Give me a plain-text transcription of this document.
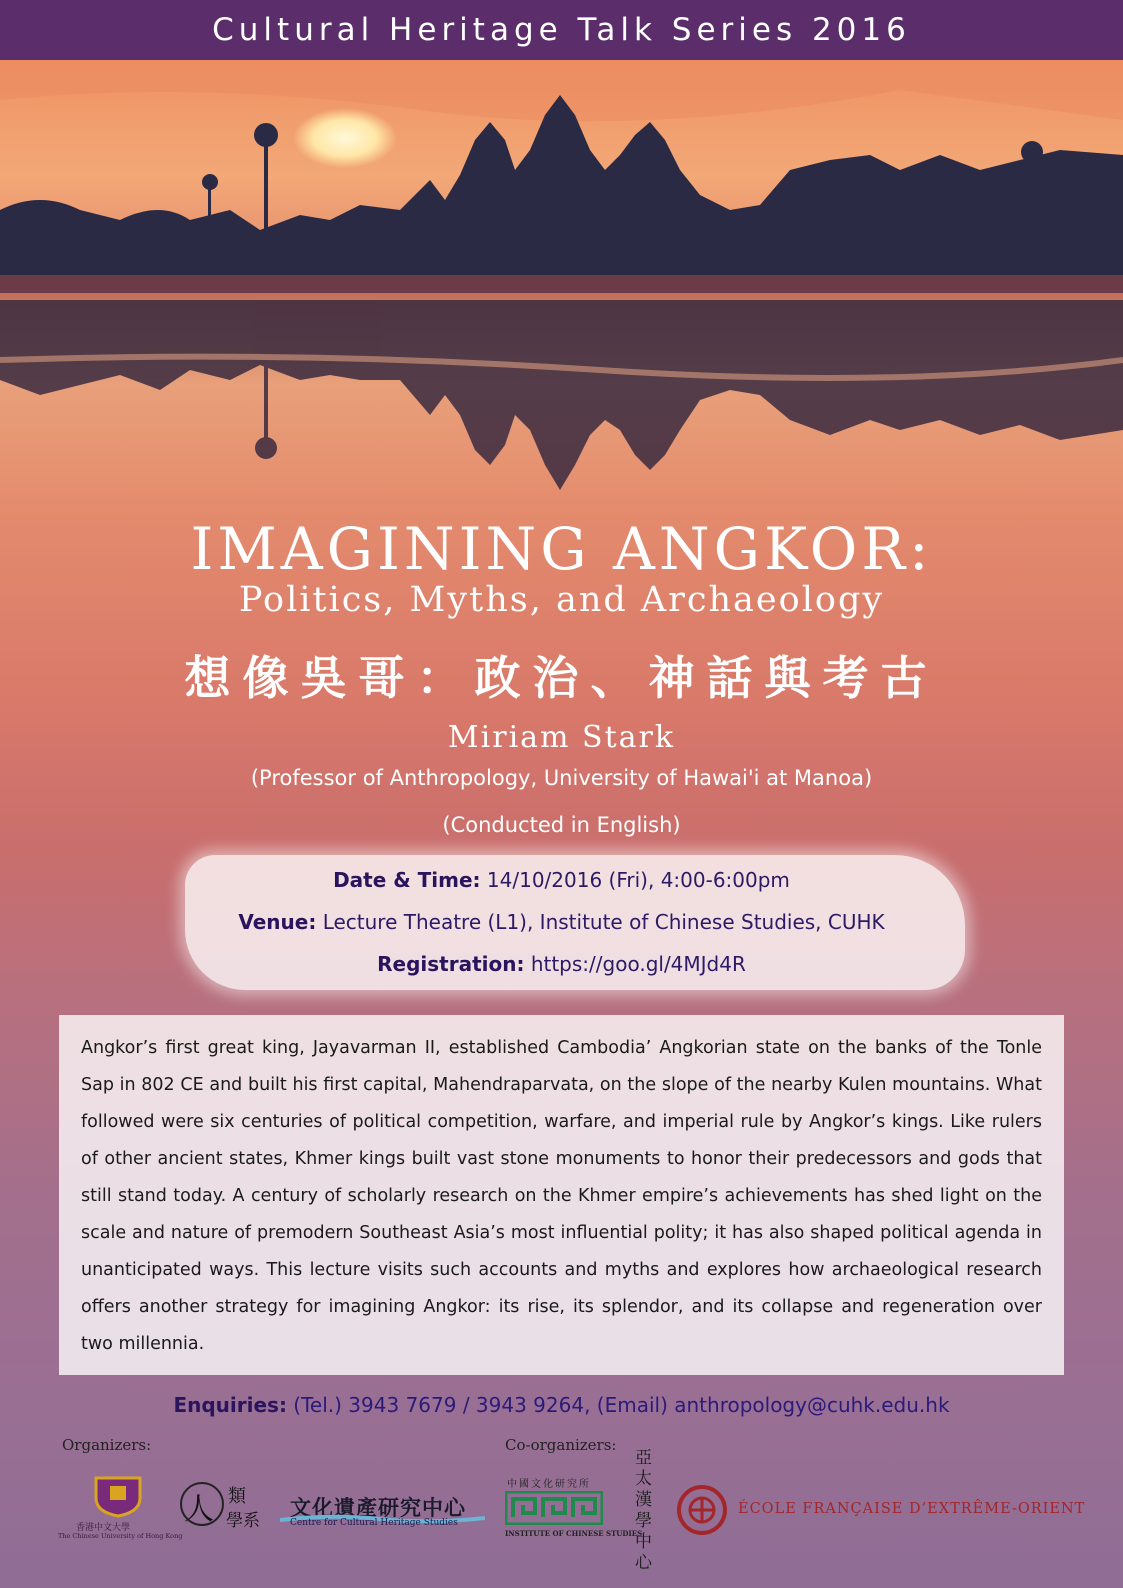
Cultural Heritage Talk Series 2016
IMAGINING ANGKOR:
Politics, Myths, and Archaeology
想像吳哥：政治、神話與考古
Miriam Stark
(Professor of Anthropology, University of Hawai'i at Manoa)
(Conducted in English)
Date & Time: 14/10/2016 (Fri), 4:00-6:00pm
Venue: Lecture Theatre (L1), Institute of Chinese Studies, CUHK
Registration: https://goo.gl/4MJd4R

Angkor’s first great king, Jayavarman II, established Cambodia’ Angkorian state on the banks of the Tonle Sap in 802 CE and built his first capital, Mahendraparvata, on the slope of the nearby Kulen mountains. What followed were six centuries of political competition, warfare, and imperial rule by Angkor’s kings. Like rulers of other ancient states, Khmer kings built vast stone monuments to honor their predecessors and gods that still stand today. A century of scholarly research on the Khmer empire’s achievements has shed light on the scale and nature of premodern Southeast Asia’s most influential polity; it has also shaped political agenda in unanticipated ways. This lecture visits such accounts and myths and explores how archaeological research offers another strategy for imagining Angkor: its rise, its splendor, and its collapse and regeneration over two millennia.

Enquiries: (Tel.) 3943 7679 / 3943 9264, (Email) anthropology@cuhk.edu.hk
Organizers:	Co-organizers:
香港中文大學
The Chinese University of Hong Kong
人 類
學系
文化遺產研究中心
Centre for Cultural Heritage Studies
中國文化研究所
INSTITUTE OF CHINESE STUDIES
亞太漢學中心
ÉCOLE FRANÇAISE D’EXTRÊME-ORIENT
